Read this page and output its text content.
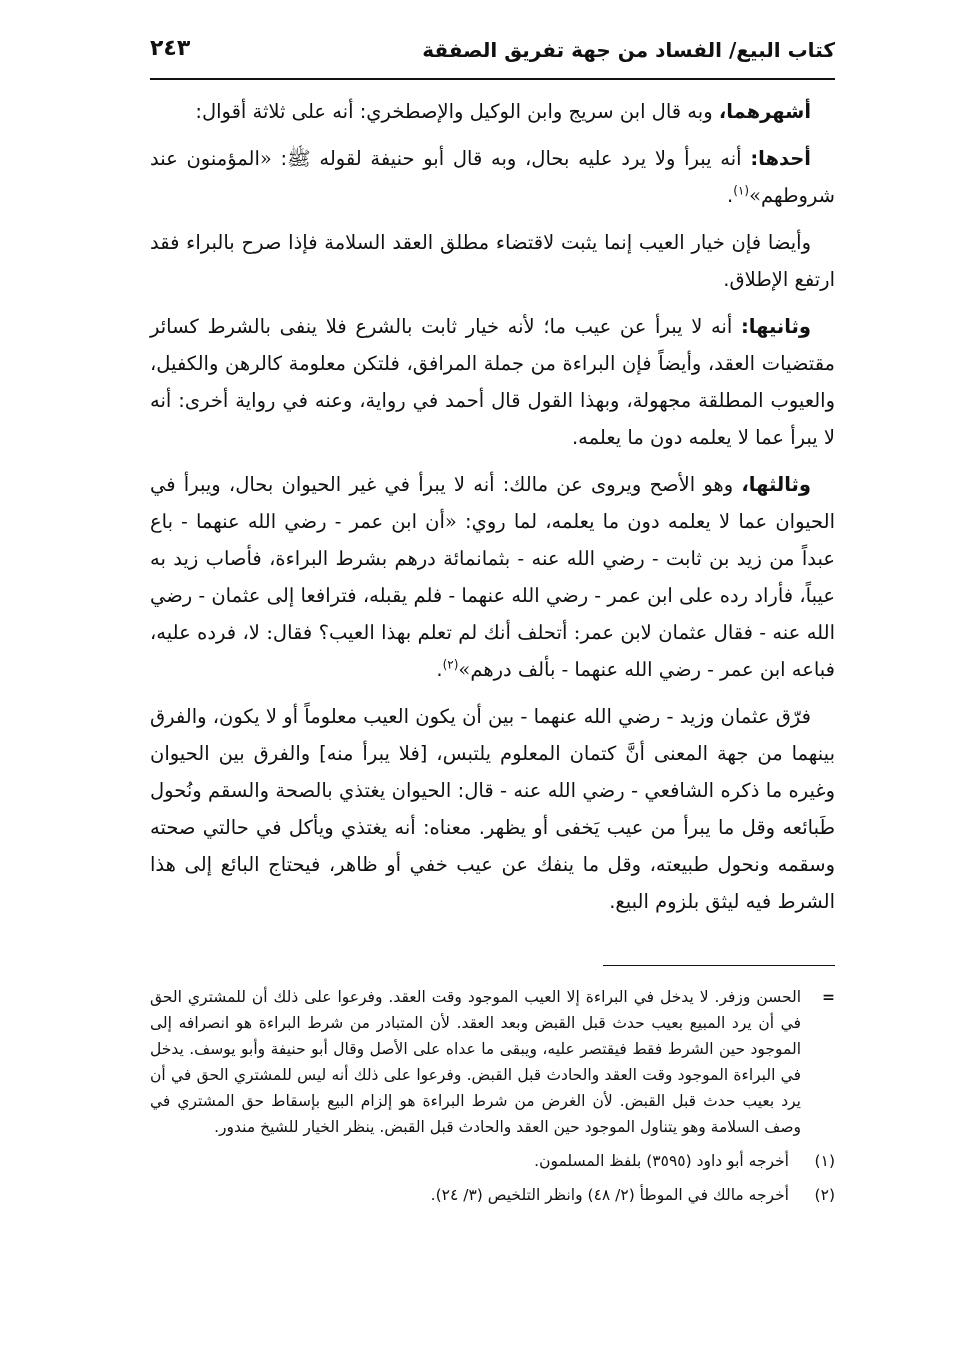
كتاب البيع/ الفساد من جهة تفريق الصفقة
٢٤٣

أشهرهما، وبه قال ابن سريج وابن الوكيل والإصطخري: أنه على ثلاثة أقوال:

أحدها: أنه يبرأ ولا يرد عليه بحال، وبه قال أبو حنيفة لقوله ﷺ: «المؤمنون عند شروطهم»$^{(١)}$.

وأيضا فإن خيار العيب إنما يثبت لاقتضاء مطلق العقد السلامة فإذا صرح بالبراء فقد ارتفع الإطلاق.

وثانيها: أنه لا يبرأ عن عيب ما؛ لأنه خيار ثابت بالشرع فلا ينفى بالشرط كسائر مقتضيات العقد، وأيضاً فإن البراءة من جملة المرافق، فلتكن معلومة كالرهن والكفيل، والعيوب المطلقة مجهولة، وبهذا القول قال أحمد في رواية، وعنه في رواية أخرى: أنه لا يبرأ عما لا يعلمه دون ما يعلمه.

وثالثها، وهو الأصح ويروى عن مالك: أنه لا يبرأ في غير الحيوان بحال، ويبرأ في الحيوان عما لا يعلمه دون ما يعلمه، لما روي: «أن ابن عمر - رضي الله عنهما - باع عبداً من زيد بن ثابت - رضي الله عنه - بثمانمائة درهم بشرط البراءة، فأصاب زيد به عيباً، فأراد رده على ابن عمر - رضي الله عنهما - فلم يقبله، فترافعا إلى عثمان - رضي الله عنه - فقال عثمان لابن عمر: أتحلف أنك لم تعلم بهذا العيب؟ فقال: لا، فرده عليه، فباعه ابن عمر - رضي الله عنهما - بألف درهم»$^{(٢)}$.

فرّق عثمان وزيد - رضي الله عنهما - بين أن يكون العيب معلوماً أو لا يكون، والفرق بينهما من جهة المعنى أنَّ كتمان المعلوم يلتبس، [فلا يبرأ منه] والفرق بين الحيوان وغيره ما ذكره الشافعي - رضي الله عنه - قال: الحيوان يغتذي بالصحة والسقم ونُحول طَبائعه وقل ما يبرأ من عيب يَخفى أو يظهر. معناه: أنه يغتذي ويأكل في حالتي صحته وسقمه ونحول طبيعته، وقل ما ينفك عن عيب خفي أو ظاهر، فيحتاج البائع إلى هذا الشرط فيه ليثق بلزوم البيع.

=
الحسن وزفر. لا يدخل في البراءة إلا العيب الموجود وقت العقد. وفرعوا على ذلك أن للمشتري الحق في أن يرد المبيع بعيب حدث قبل القبض وبعد العقد. لأن المتبادر من شرط البراءة هو انصرافه إلى الموجود حين الشرط فقط فيقتصر عليه، ويبقى ما عداه على الأصل وقال أبو حنيفة وأبو يوسف. يدخل في البراءة الموجود وقت العقد والحادث قبل القبض. وفرعوا على ذلك أنه ليس للمشتري الحق في أن يرد بعيب حدث قبل القبض. لأن الغرض من شرط البراءة هو إلزام البيع بإسقاط حق المشتري في وصف السلامة وهو يتناول الموجود حين العقد والحادث قبل القبض. ينظر الخيار للشيخ مندور.
(١)
أخرجه أبو داود (٣٥٩٥) بلفظ المسلمون.
(٢)
أخرجه مالك في الموطأ (٢/ ٤٨) وانظر التلخيص (٣/ ٢٤).
